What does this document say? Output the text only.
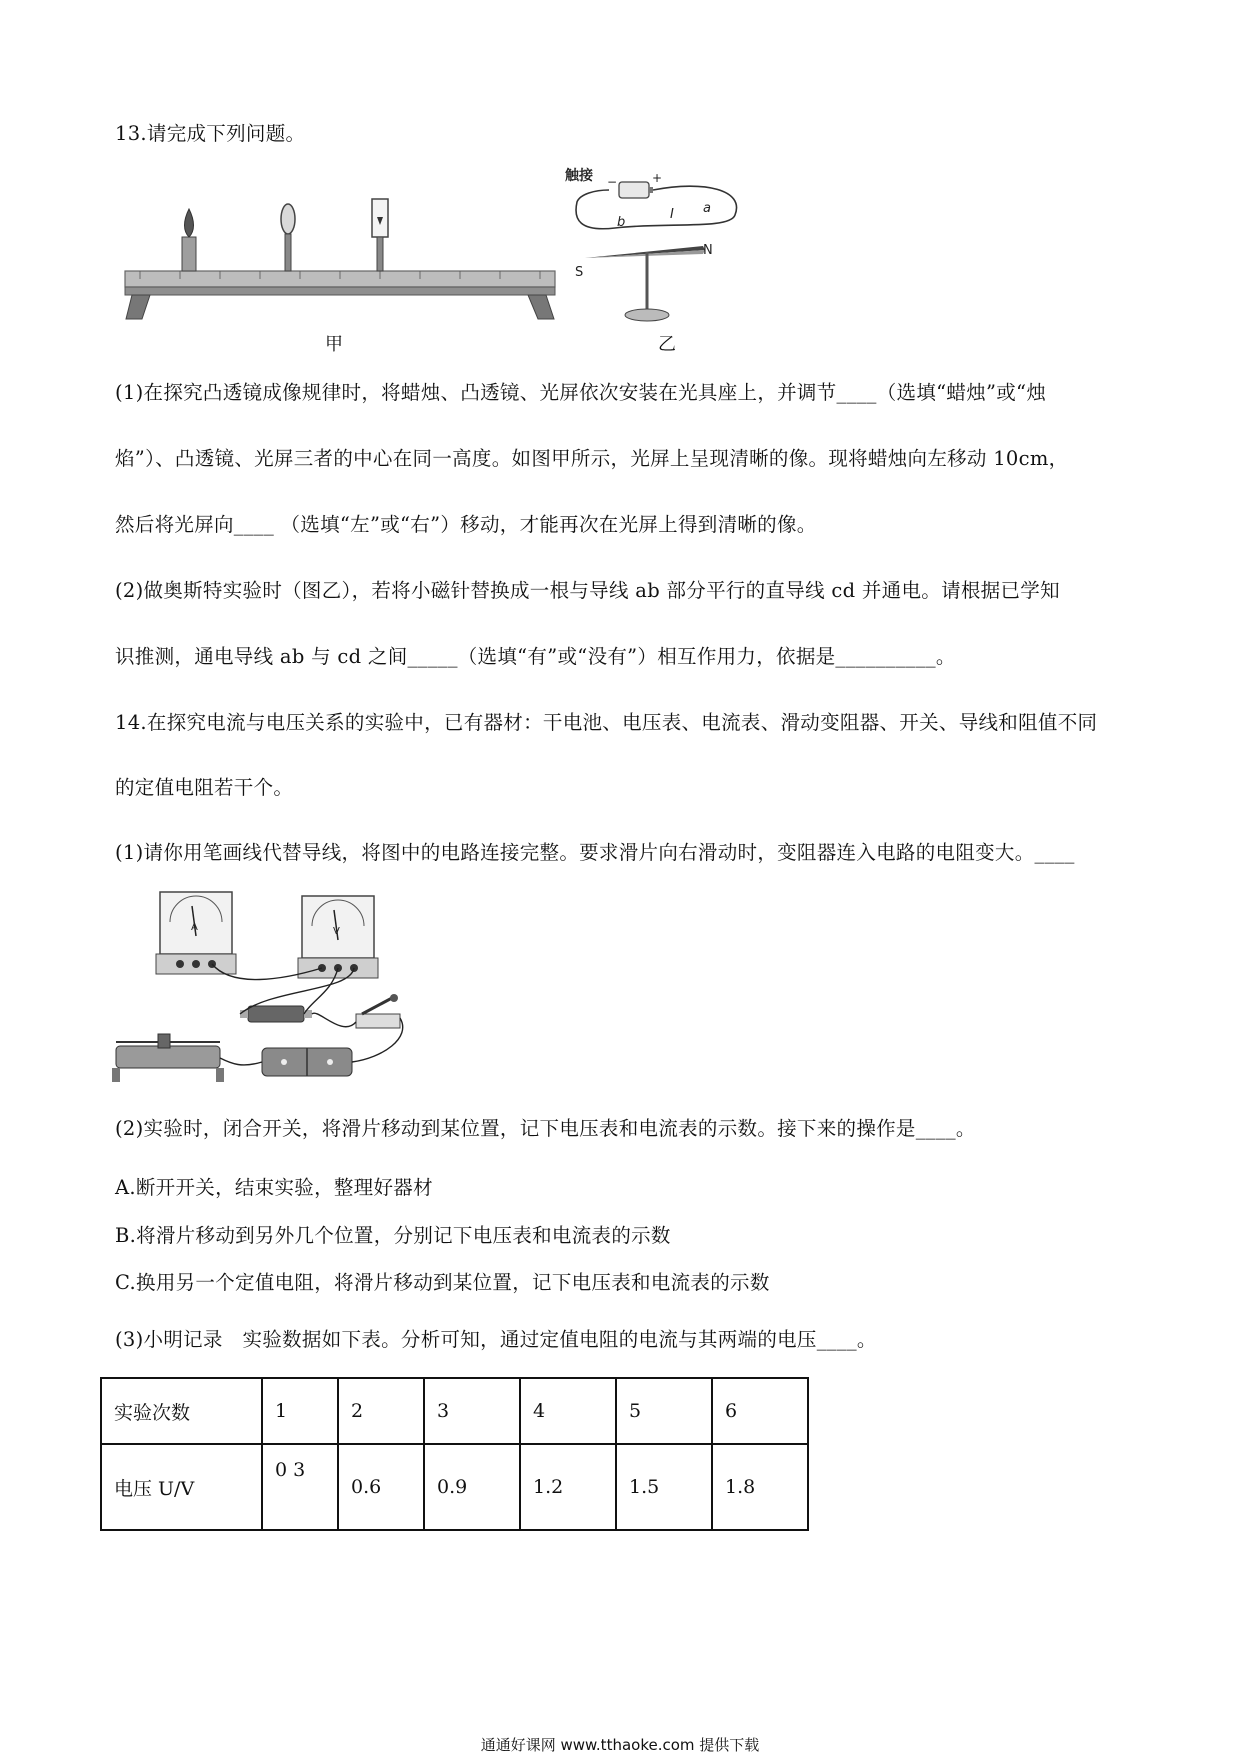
13.请完成下列问题。
甲
触接 −	+
I a
b
S
N
乙
(1)在探究凸透镜成像规律时，将蜡烛、凸透镜、光屏依次安装在光具座上，并调节____（选填“蜡烛”或“烛
焰”）、凸透镜、光屏三者的中心在同一高度。如图甲所示，光屏上呈现清晰的像。现将蜡烛向左移动 10cm，
然后将光屏向____ （选填“左”或“右”）移动，才能再次在光屏上得到清晰的像。
(2)做奥斯特实验时（图乙），若将小磁针替换成一根与导线 ab 部分平行的直导线 cd 并通电。请根据已学知
识推测，通电导线 ab 与 cd 之间_____（选填“有”或“没有”）相互作用力，依据是__________。
14.在探究电流与电压关系的实验中，已有器材：干电池、电压表、电流表、滑动变阻器、开关、导线和阻值不同
的定值电阻若干个。
(1)请你用笔画线代替导线，将图中的电路连接完整。要求滑片向右滑动时，变阻器连入电路的电阻变大。____
A	V
(2)实验时，闭合开关，将滑片移动到某位置，记下电压表和电流表的示数。接下来的操作是____。
A.断开开关，结束实验，整理好器材
B.将滑片移动到另外几个位置，分别记下电压表和电流表的示数
C.换用另一个定值电阻，将滑片移动到某位置，记下电压表和电流表的示数
(3)小明记录　实验数据如下表。分析可知，通过定值电阻的电流与其两端的电压____。
实验次数	1	2	3	4	5	6
电压 U/V	0 3	0.6	0.9	1.2	1.5	1.8
通通好课网 www.tthaoke.com 提供下载
